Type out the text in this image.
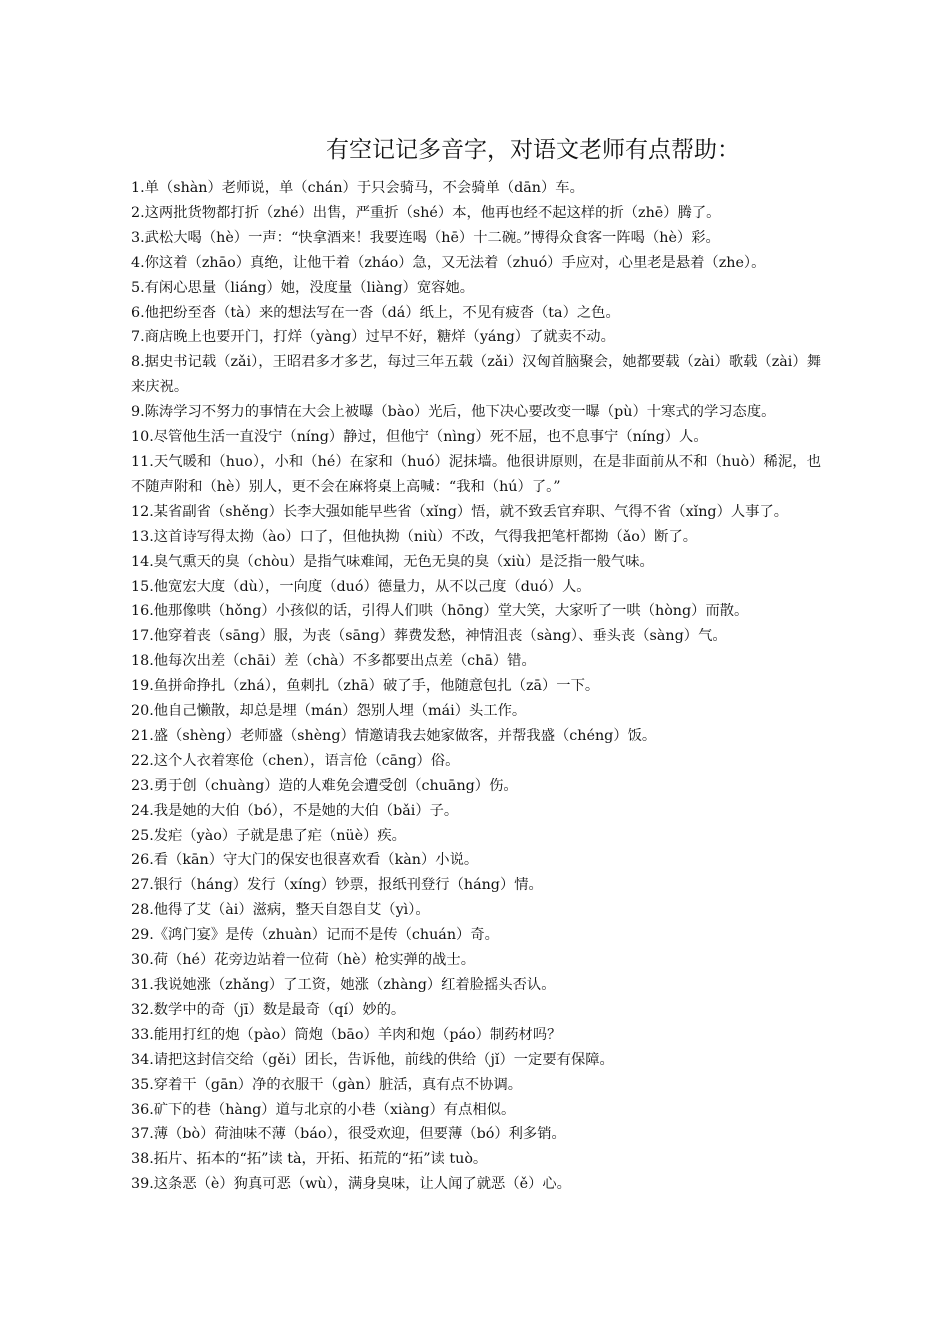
有空记记多音字，对语文老师有点帮助：
1.单（shàn）老师说，单（chán）于只会骑马，不会骑单（dān）车。
2.这两批货物都打折（zhé）出售，严重折（shé）本，他再也经不起这样的折（zhē）腾了。
3.武松大喝（hè）一声：“快拿酒来！我要连喝（hē）十二碗。”博得众食客一阵喝（hè）彩。
4.你这着（zhāo）真绝，让他干着（zháo）急，又无法着（zhuó）手应对，心里老是悬着（zhe）。
5.有闲心思量（liáng）她，没度量（liàng）宽容她。
6.他把纷至沓（tà）来的想法写在一沓（dá）纸上，不见有疲沓（ta）之色。
7.商店晚上也要开门，打烊（yàng）过早不好，糖烊（yáng）了就卖不动。
8.据史书记载（zǎi），王昭君多才多艺，每过三年五载（zǎi）汉匈首脑聚会，她都要载（zài）歌载（zài）舞来庆祝。
9.陈涛学习不努力的事情在大会上被曝（bào）光后，他下决心要改变一曝（pù）十寒式的学习态度。
10.尽管他生活一直没宁（níng）静过，但他宁（nìng）死不屈，也不息事宁（níng）人。
11.天气暖和（huo），小和（hé）在家和（huó）泥抹墙。他很讲原则，在是非面前从不和（huò）稀泥，也不随声附和（hè）别人，更不会在麻将桌上高喊：“我和（hú）了。”
12.某省副省（shěng）长李大强如能早些省（xǐng）悟，就不致丢官弃职、气得不省（xǐng）人事了。
13.这首诗写得太拗（ào）口了，但他执拗（niù）不改，气得我把笔杆都拗（ǎo）断了。
14.臭气熏天的臭（chòu）是指气味难闻，无色无臭的臭（xiù）是泛指一般气味。
15.他宽宏大度（dù），一向度（duó）德量力，从不以己度（duó）人。
16.他那像哄（hǒng）小孩似的话，引得人们哄（hōng）堂大笑，大家听了一哄（hòng）而散。
17.他穿着丧（sāng）服，为丧（sāng）葬费发愁，神情沮丧（sàng）、垂头丧（sàng）气。
18.他每次出差（chāi）差（chà）不多都要出点差（chā）错。
19.鱼拼命挣扎（zhá），鱼刺扎（zhā）破了手，他随意包扎（zā）一下。
20.他自己懒散，却总是埋（mán）怨别人埋（mái）头工作。
21.盛（shèng）老师盛（shèng）情邀请我去她家做客，并帮我盛（chéng）饭。
22.这个人衣着寒伧（chen），语言伧（cāng）俗。
23.勇于创（chuàng）造的人难免会遭受创（chuāng）伤。
24.我是她的大伯（bó），不是她的大伯（bǎi）子。
25.发疟（yào）子就是患了疟（nüè）疾。
26.看（kān）守大门的保安也很喜欢看（kàn）小说。
27.银行（háng）发行（xíng）钞票，报纸刊登行（háng）情。
28.他得了艾（ài）滋病，整天自怨自艾（yì）。
29.《鸿门宴》是传（zhuàn）记而不是传（chuán）奇。
30.荷（hé）花旁边站着一位荷（hè）枪实弹的战士。
31.我说她涨（zhǎng）了工资，她涨（zhàng）红着脸摇头否认。
32.数学中的奇（jī）数是最奇（qí）妙的。
33.能用打红的炮（pào）筒炮（bāo）羊肉和炮（páo）制药材吗？
34.请把这封信交给（gěi）团长，告诉他，前线的供给（jǐ）一定要有保障。
35.穿着干（gān）净的衣服干（gàn）脏活，真有点不协调。
36.矿下的巷（hàng）道与北京的小巷（xiàng）有点相似。
37.薄（bò）荷油味不薄（báo），很受欢迎，但要薄（bó）利多销。
38.拓片、拓本的“拓”读 tà，开拓、拓荒的“拓”读 tuò。
39.这条恶（è）狗真可恶（wù），满身臭味，让人闻了就恶（ě）心。
